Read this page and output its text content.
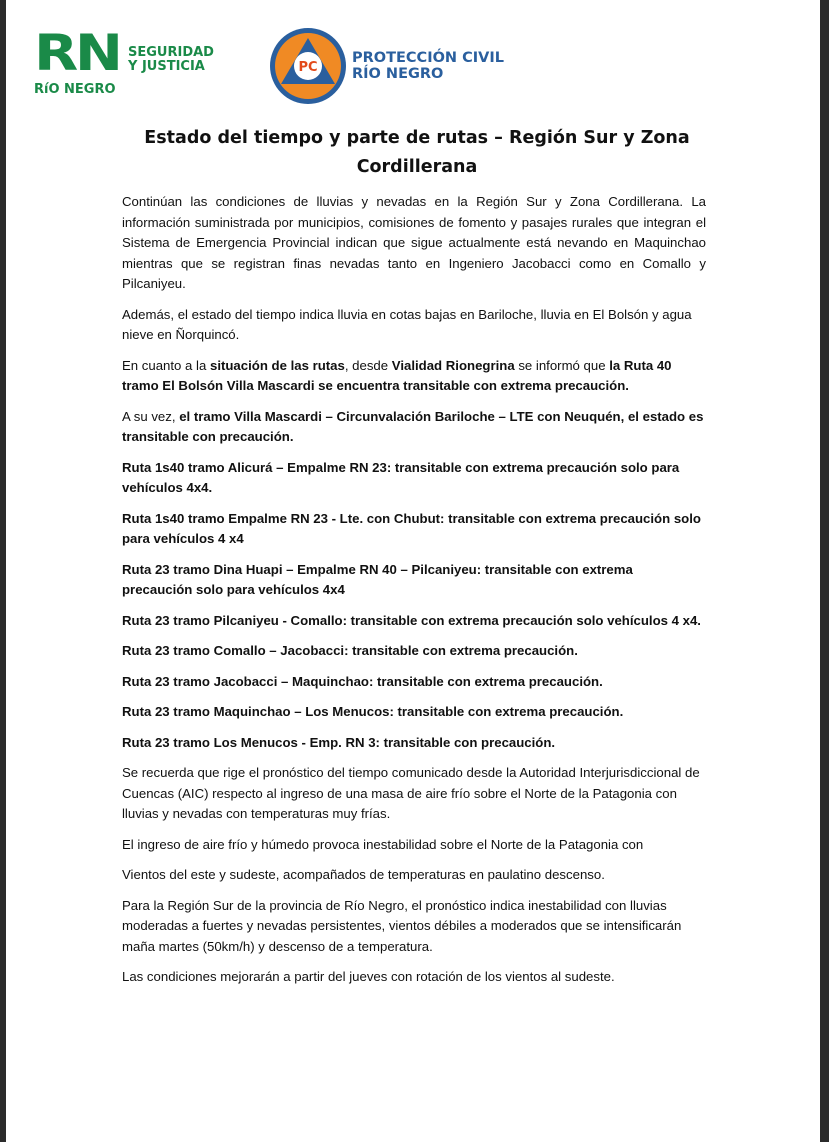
RN
RíO NEGRO
SEGURIDAD
Y JUSTICIA	PC
PROTECCIÓN CIVIL
RÍO NEGRO
Estado del tiempo y parte de rutas – Región Sur y Zona Cordillerana

Continúan las condiciones de lluvias y nevadas en la Región Sur y Zona Cordillerana. La información suministrada por municipios, comisiones de fomento y pasajes rurales que integran el Sistema de Emergencia Provincial indican que sigue actualmente está nevando en Maquinchao mientras que se registran finas nevadas tanto en Ingeniero Jacobacci como en Comallo y Pilcaniyeu.

Además, el estado del tiempo indica lluvia en cotas bajas en Bariloche, lluvia en El Bolsón y agua nieve en Ñorquincó.

En cuanto a la situación de las rutas, desde Vialidad Rionegrina se informó que la Ruta 40 tramo El Bolsón Villa Mascardi se encuentra transitable con extrema precaución.

A su vez, el tramo Villa Mascardi – Circunvalación Bariloche – LTE con Neuquén, el estado es transitable con precaución.

Ruta 1s40 tramo Alicurá – Empalme RN 23: transitable con extrema precaución solo para vehículos 4x4.

Ruta 1s40 tramo Empalme RN 23 - Lte. con Chubut: transitable con extrema precaución solo para vehículos 4 x4

Ruta 23 tramo Dina Huapi – Empalme RN 40 – Pilcaniyeu: transitable con extrema precaución solo para vehículos 4x4

Ruta 23 tramo Pilcaniyeu - Comallo: transitable con extrema precaución solo vehículos 4 x4.

Ruta 23 tramo Comallo – Jacobacci: transitable con extrema precaución.

Ruta 23 tramo Jacobacci – Maquinchao: transitable con extrema precaución.

Ruta 23 tramo Maquinchao – Los Menucos: transitable con extrema precaución.

Ruta 23 tramo Los Menucos - Emp. RN 3: transitable con precaución.

Se recuerda que rige el pronóstico del tiempo comunicado desde la Autoridad Interjurisdiccional de Cuencas (AIC) respecto al ingreso de una masa de aire frío sobre el Norte de la Patagonia con lluvias y nevadas con temperaturas muy frías.

El ingreso de aire frío y húmedo provoca inestabilidad sobre el Norte de la Patagonia con

Vientos del este y sudeste, acompañados de temperaturas en paulatino descenso.

Para la Región Sur de la provincia de Río Negro, el pronóstico indica inestabilidad con lluvias moderadas a fuertes y nevadas persistentes, vientos débiles a moderados que se intensificarán maña martes (50km/h) y descenso de a temperatura.

Las condiciones mejorarán a partir del jueves con rotación de los vientos al sudeste.
